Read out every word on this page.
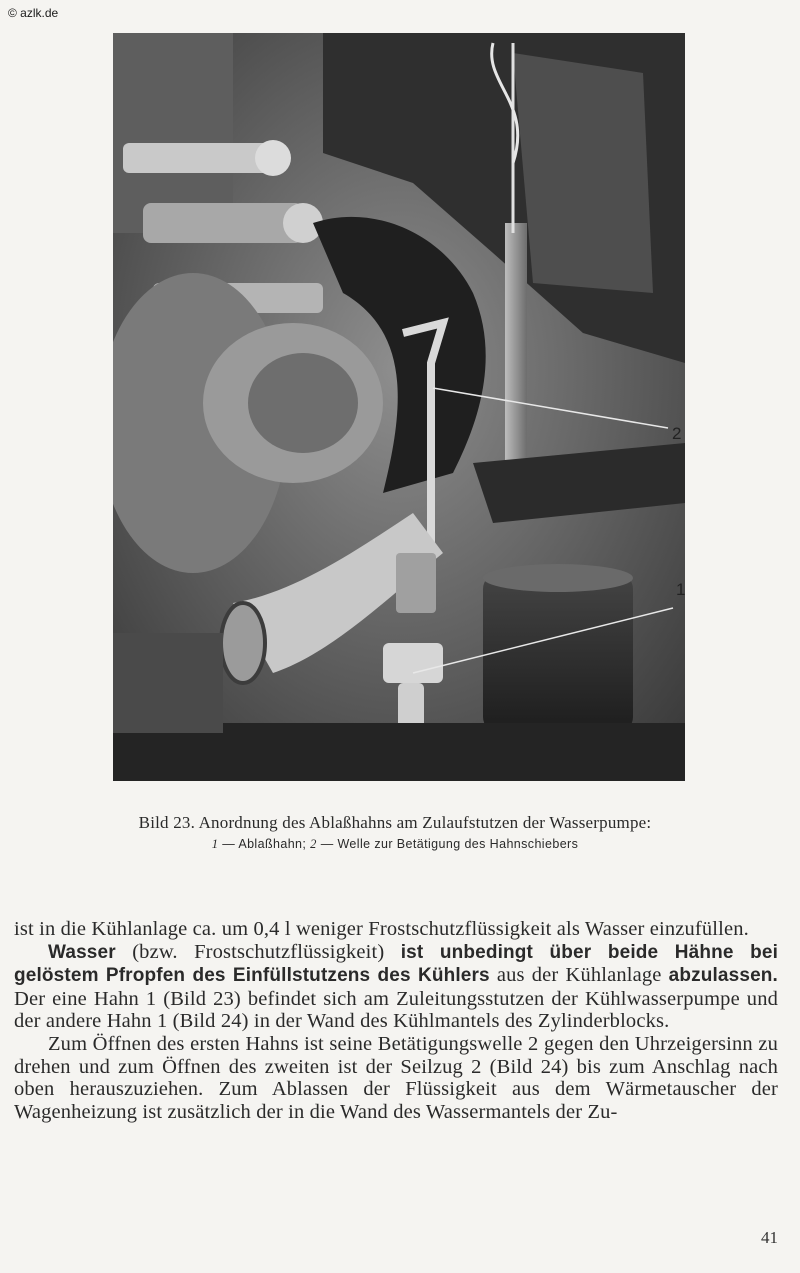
© azlk.de
2
1
Bild 23. Anordnung des Ablaßhahns am Zulaufstutzen der Wasserpumpe:
1 — Ablaßhahn; 2 — Welle zur Betätigung des Hahnschiebers

ist in die Kühlanlage ca. um 0,4 l weniger Frostschutzflüssigkeit als Wasser einzufüllen.

Wasser (bzw. Frostschutzflüssigkeit) ist unbedingt über beide Hähne bei gelöstem Pfropfen des Einfüllstutzens des Kühlers aus der Kühlanlage abzulassen. Der eine Hahn 1 (Bild 23) befindet sich am Zuleitungsstutzen der Kühlwasserpumpe und der andere Hahn 1 (Bild 24) in der Wand des Kühlmantels des Zylinderblocks.

Zum Öffnen des ersten Hahns ist seine Betätigungswelle 2 gegen den Uhrzeigersinn zu drehen und zum Öffnen des zweiten ist der Seilzug 2 (Bild 24) bis zum Anschlag nach oben herauszuziehen. Zum Ablassen der Flüssigkeit aus dem Wärmetauscher der Wagenheizung ist zusätzlich der in die Wand des Wassermantels der Zu-

41
